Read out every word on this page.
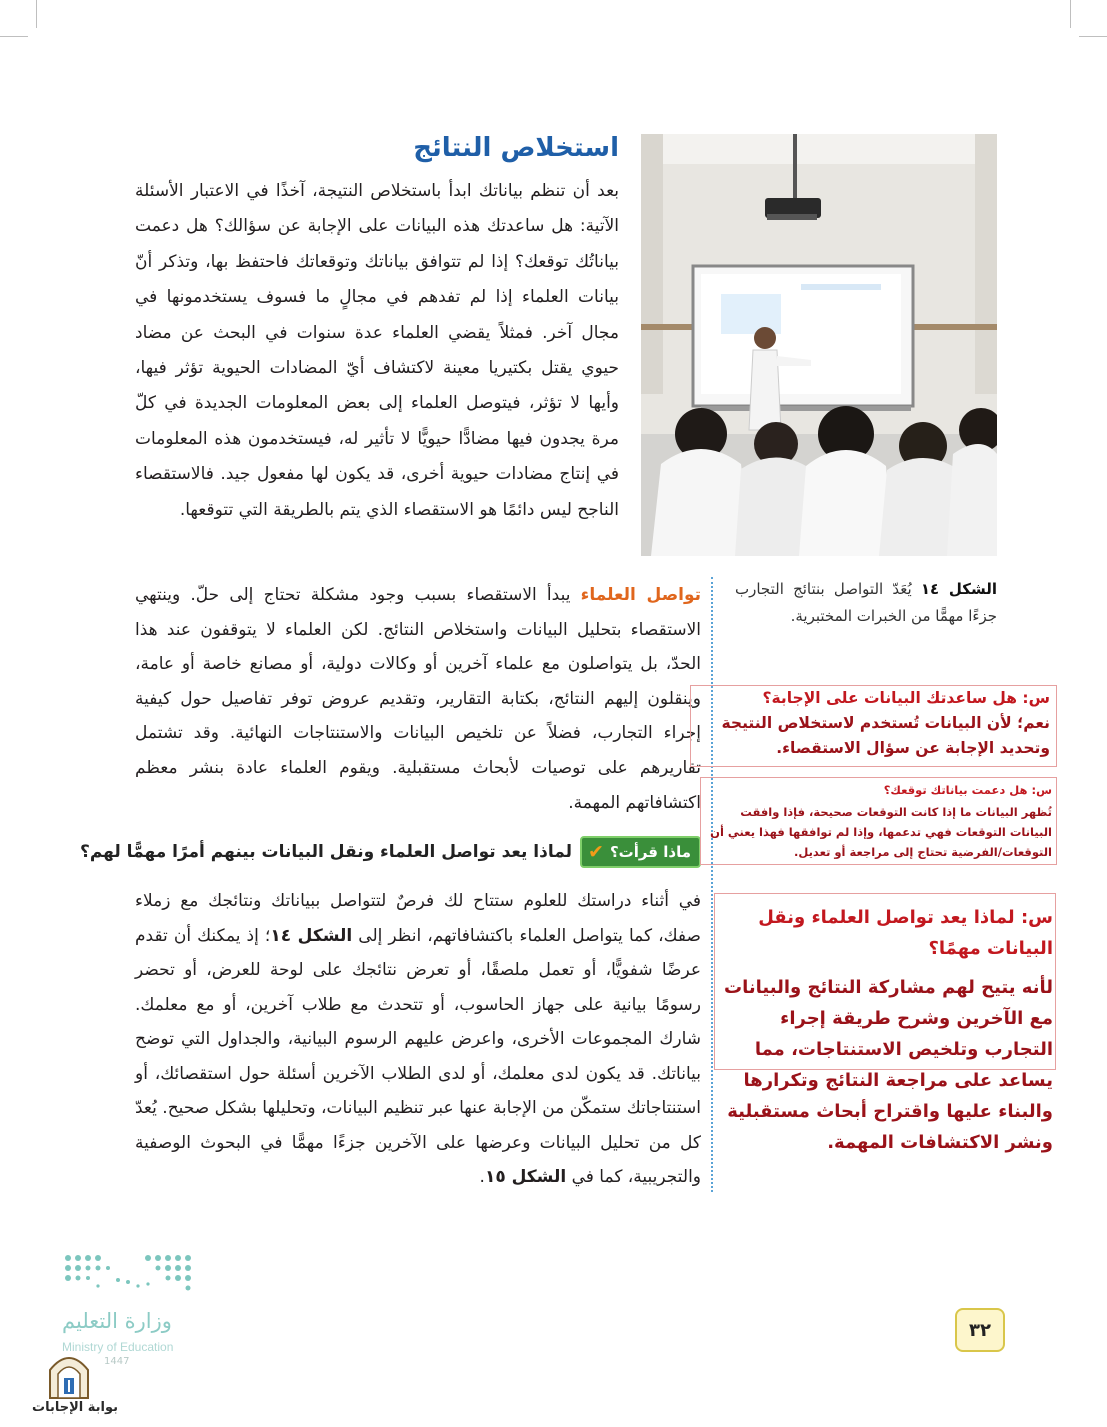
استخلاص النتائج

بعد أن تنظم بياناتك ابدأ باستخلاص النتيجة، آخذًا في الاعتبار الأسئلة الآتية: هل ساعدتك هذه البيانات على الإجابة عن سؤالك؟ هل دعمت بياناتُك توقعك؟ إذا لم تتوافق بياناتك وتوقعاتك فاحتفظ بها، وتذكر أنّ بيانات العلماء إذا لم تفدهم في مجالٍ ما فسوف يستخدمونها في مجال آخر. فمثلاً يقضي العلماء عدة سنوات في البحث عن مضاد حيوي يقتل بكتيريا معينة لاكتشاف أيّ المضادات الحيوية تؤثر فيها، وأيها لا تؤثر، فيتوصل العلماء إلى بعض المعلومات الجديدة في كلّ مرة يجدون فيها مضادًّا حيويًّا لا تأثير له، فيستخدمون هذه المعلومات في إنتاج مضادات حيوية أخرى، قد يكون لها مفعول جيد. فالاستقصاء الناجح ليس دائمًا هو الاستقصاء الذي يتم بالطريقة التي تتوقعها.

الشكل ١٤ يُعَدّ التواصل بنتائج التجارب جزءًا مهمًّا من الخبرات المختبرية.

تواصل العلماء يبدأ الاستقصاء بسبب وجود مشكلة تحتاج إلى حلّ. وينتهي الاستقصاء بتحليل البيانات واستخلاص النتائج. لكن العلماء لا يتوقفون عند هذا الحدّ، بل يتواصلون مع علماء آخرين أو وكالات دولية، أو مصانع خاصة أو عامة، وينقلون إليهم النتائج، بكتابة التقارير، وتقديم عروض توفر تفاصيل حول كيفية إجراء التجارب، فضلاً عن تلخيص البيانات والاستنتاجات النهائية. وقد تشتمل تقاريرهم على توصيات لأبحاث مستقبلية. ويقوم العلماء عادة بنشر معظم اكتشافاتهم المهمة.

ماذا قرأت؟
✔
لماذا يعد تواصل العلماء ونقل البيانات بينهم أمرًا مهمًّا لهم؟

في أثناء دراستك للعلوم ستتاح لك فرصٌ لتتواصل ببياناتك ونتائجك مع زملاء صفك، كما يتواصل العلماء باكتشافاتهم، انظر إلى الشكل ١٤؛ إذ يمكنك أن تقدم عرضًا شفويًّا، أو تعمل ملصقًا، أو تعرض نتائجك على لوحة للعرض، أو تحضر رسومًا بيانية على جهاز الحاسوب، أو تتحدث مع طلاب آخرين، أو مع معلمك. شارك المجموعات الأخرى، واعرض عليهم الرسوم البيانية، والجداول التي توضح بياناتك. قد يكون لدى معلمك، أو لدى الطلاب الآخرين أسئلة حول استقصائك، أو استنتاجاتك ستمكّن من الإجابة عنها عبر تنظيم البيانات، وتحليلها بشكل صحيح. يُعدّ كل من تحليل البيانات وعرضها على الآخرين جزءًا مهمًّا في البحوث الوصفية والتجريبية، كما في الشكل ١٥.

س: هل ساعدتك البيانات على الإجابة؟

نعم؛ لأن البيانات تُستخدم لاستخلاص النتيجة وتحديد الإجابة عن سؤال الاستقصاء.

س: هل دعمت بياناتك توقعك؟

تُظهر البيانات ما إذا كانت التوقعات صحيحة، فإذا وافقت البيانات التوقعات فهي تدعمها، وإذا لم توافقها فهذا يعني أن التوقعات/الفرضية تحتاج إلى مراجعة أو تعديل.

س: لماذا يعد تواصل العلماء ونقل البيانات مهمًا؟

لأنه يتيح لهم مشاركة النتائج والبيانات مع الآخرين وشرح طريقة إجراء التجارب وتلخيص الاستنتاجات، مما يساعد على مراجعة النتائج وتكرارها والبناء عليها واقتراح أبحاث مستقبلية ونشر الاكتشافات المهمة.

وزارة التعليم
Ministry of Education
1447
بوابة الإجابات
٣٢
